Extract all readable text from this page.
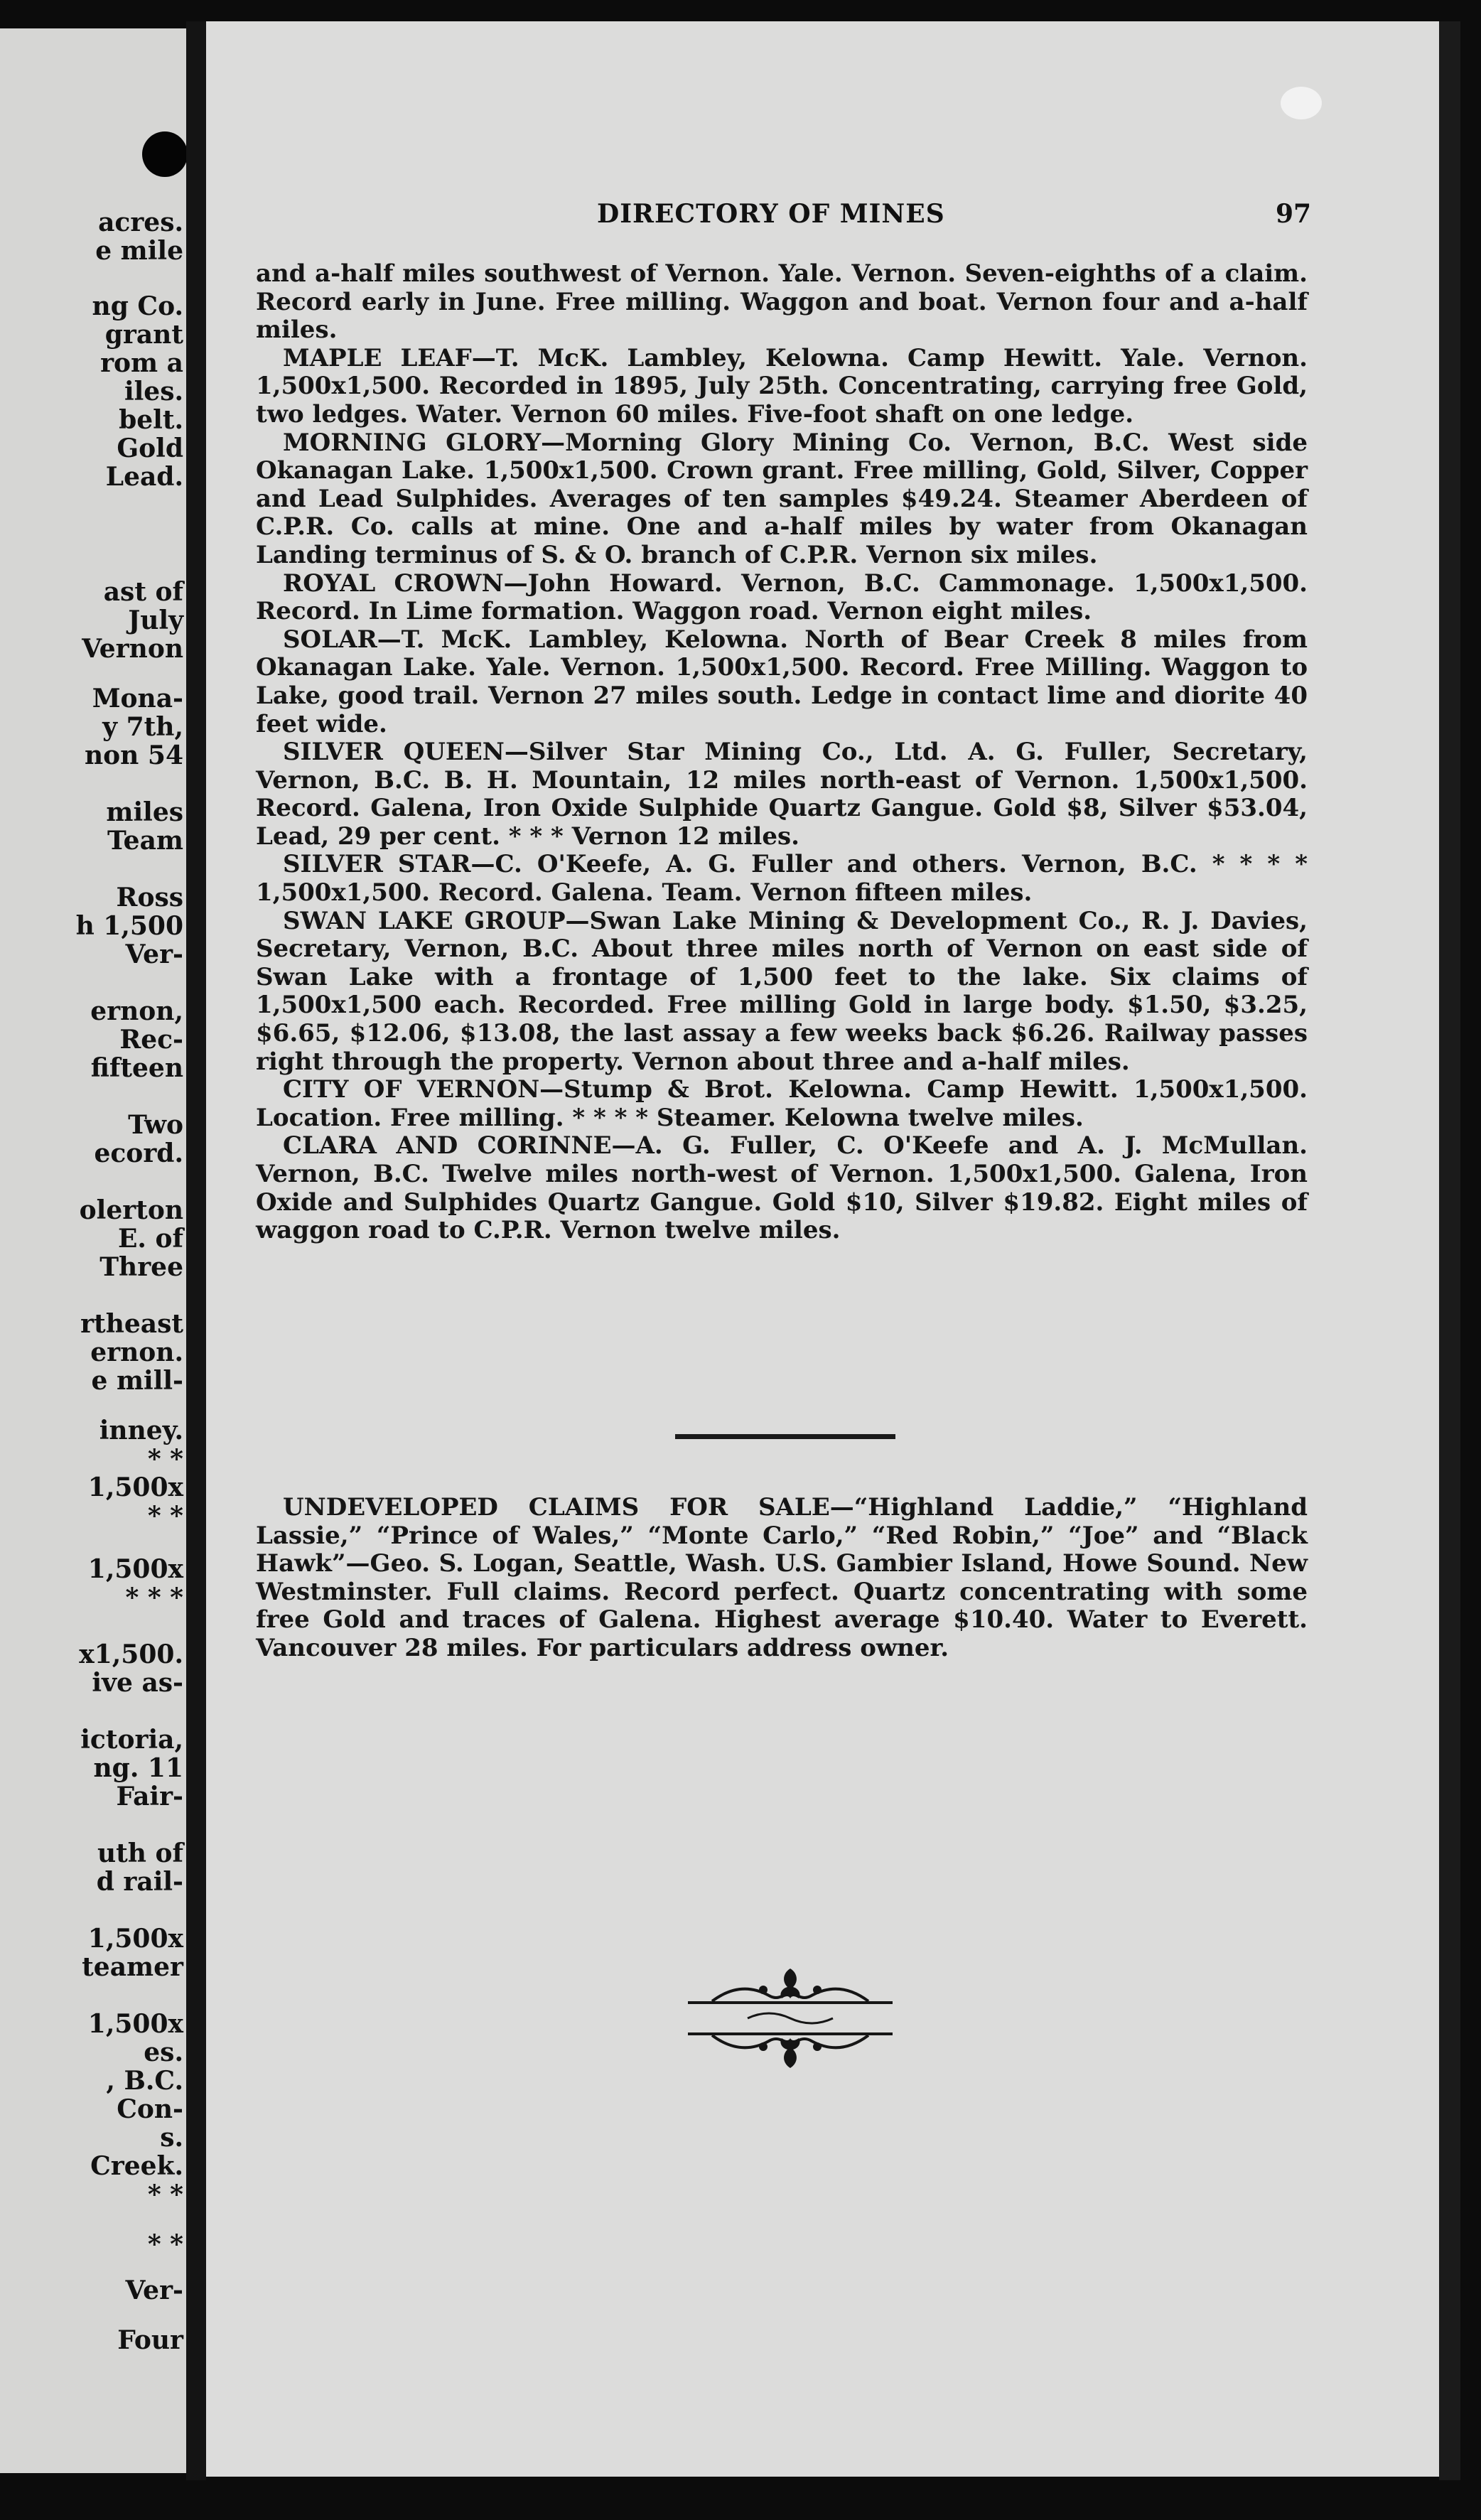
acres.
e mile
ng Co.
grant
rom a
iles.
belt.
Gold
Lead.
ast of
July
Vernon
Mona-
y 7th,
non 54
miles
Team
Ross
h 1,500
Ver-
ernon,
Rec-
fifteen
Two
ecord.
olerton
E. of
Three
rtheast
ernon.
e mill-
inney.
* *
1,500x
* *
1,500x
* * *
x1,500.
ive as-
ictoria,
ng. 11
Fair-
uth of
d rail-
1,500x
teamer
1,500x
es.
, B.C.
Con-
s.
Creek.
* *
* *
Ver-
Four
DIRECTORY OF MINES	97

and a-half miles southwest of Vernon. Yale. Vernon. Seven-eighths of a claim. Record early in June. Free milling. Waggon and boat. Vernon four and a-half miles.

MAPLE LEAF—T. McK. Lambley, Kelowna. Camp Hewitt. Yale. Vernon. 1,500x1,500. Recorded in 1895, July 25th. Concentrating, carrying free Gold, two ledges. Water. Vernon 60 miles. Five-foot shaft on one ledge.

MORNING GLORY—Morning Glory Mining Co. Vernon, B.C. West side Okanagan Lake. 1,500x1,500. Crown grant. Free milling, Gold, Silver, Copper and Lead Sulphides. Averages of ten samples $49.24. Steamer Aberdeen of C.P.R. Co. calls at mine. One and a-half miles by water from Okanagan Landing terminus of S. & O. branch of C.P.R. Vernon six miles.

ROYAL CROWN—John Howard. Vernon, B.C. Cammonage. 1,500x1,500. Record. In Lime formation. Waggon road. Vernon eight miles.

SOLAR—T. McK. Lambley, Kelowna. North of Bear Creek 8 miles from Okanagan Lake. Yale. Vernon. 1,500x1,500. Record. Free Milling. Waggon to Lake, good trail. Vernon 27 miles south. Ledge in contact lime and diorite 40 feet wide.

SILVER QUEEN—Silver Star Mining Co., Ltd. A. G. Fuller, Secretary, Vernon, B.C. B. H. Mountain, 12 miles north-east of Vernon. 1,500x1,500. Record. Galena, Iron Oxide Sulphide Quartz Gangue. Gold $8, Silver $53.04, Lead, 29 per cent. * * * Vernon 12 miles.

SILVER STAR—C. O'Keefe, A. G. Fuller and others. Vernon, B.C. * * * * 1,500x1,500. Record. Galena. Team. Vernon fifteen miles.

SWAN LAKE GROUP—Swan Lake Mining & Development Co., R. J. Davies, Secretary, Vernon, B.C. About three miles north of Vernon on east side of Swan Lake with a frontage of 1,500 feet to the lake. Six claims of 1,500x1,500 each. Recorded. Free milling Gold in large body. $1.50, $3.25, $6.65, $12.06, $13.08, the last assay a few weeks back $6.26. Railway passes right through the property. Vernon about three and a-half miles.

CITY OF VERNON—Stump & Brot. Kelowna. Camp Hewitt. 1,500x1,500. Location. Free milling. * * * * Steamer. Kelowna twelve miles.

CLARA AND CORINNE—A. G. Fuller, C. O'Keefe and A. J. McMullan. Vernon, B.C. Twelve miles north-west of Vernon. 1,500x1,500. Galena, Iron Oxide and Sulphides Quartz Gangue. Gold $10, Silver $19.82. Eight miles of waggon road to C.P.R. Vernon twelve miles.

UNDEVELOPED CLAIMS FOR SALE—“Highland Laddie,” “Highland Lassie,” “Prince of Wales,” “Monte Carlo,” “Red Robin,” “Joe” and “Black Hawk”—Geo. S. Logan, Seattle, Wash. U.S. Gambier Island, Howe Sound. New Westminster. Full claims. Record perfect. Quartz concentrating with some free Gold and traces of Galena. Highest average $10.40. Water to Everett. Vancouver 28 miles. For particulars address owner.
